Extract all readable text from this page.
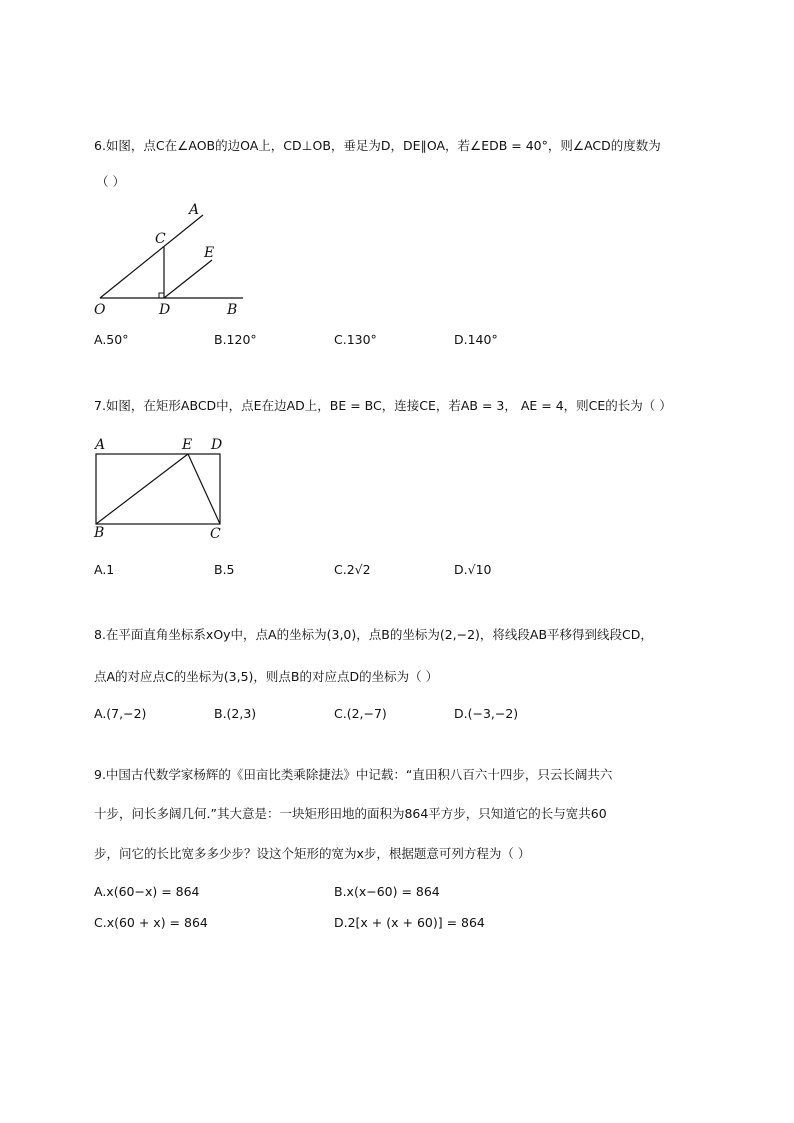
6.如图，点C在∠AOB的边OA上，CD⊥OB，垂足为D，DE∥OA，若∠EDB = 40°，则∠ACD的度数为
（ ）
A
C
E
O	D	B
A.50°	B.120°	C.130°	D.140°
7.如图，在矩形ABCD中，点E在边AD上，BE = BC，连接CE，若AB = 3， AE = 4，则CE的长为（ ）
A	E D
B	C
A.1	B.5	C.2√2	D.√10
8.在平面直角坐标系xOy中，点A的坐标为(3,0)，点B的坐标为(2,−2)，将线段AB平移得到线段CD，
点A的对应点C的坐标为(3,5)，则点B的对应点D的坐标为（ ）
A.(7,−2)	B.(2,3)	C.(2,−7)	D.(−3,−2)
9.中国古代数学家杨辉的《田亩比类乘除捷法》中记载：“直田积八百六十四步，只云长阔共六
十步，问长多阔几何.”其大意是：一块矩形田地的面积为864平方步，只知道它的长与宽共60
步，问它的长比宽多多少步？设这个矩形的宽为x步，根据题意可列方程为（ ）
A.x(60−x) = 864	B.x(x−60) = 864
C.x(60 + x) = 864	D.2[x + (x + 60)] = 864
